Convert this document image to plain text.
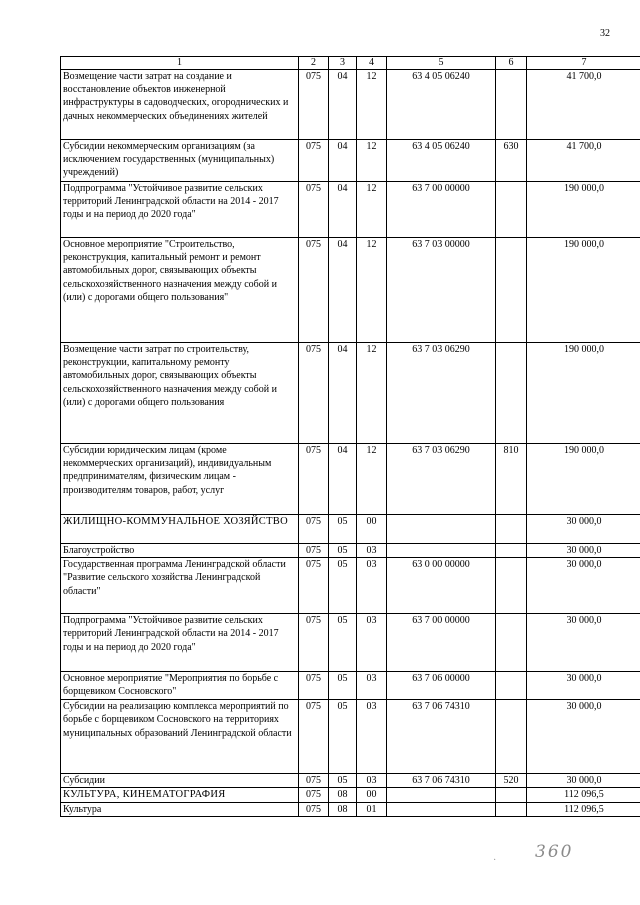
32
1	2	3	4	5	6	7
Возмещение части затрат на создание и восстановление объектов инженерной инфраструктуры в садоводческих, огороднических и дачных некоммерческих объединениях жителей	075	04	12	63 4 05 06240		41 700,0
Субсидии некоммерческим организациям (за исключением государственных (муниципальных) учреждений)	075	04	12	63 4 05 06240	630	41 700,0
Подпрограмма "Устойчивое развитие сельских территорий Ленинградской области на 2014 - 2017 годы и на период до 2020 года"	075	04	12	63 7 00 00000		190 000,0
Основное мероприятие "Строительство, реконструкция, капитальный ремонт и ремонт автомобильных дорог, связывающих объекты сельскохозяйственного назначения между собой и (или) с дорогами общего пользования"	075	04	12	63 7 03 00000		190 000,0
Возмещение части затрат по строительству, реконструкции, капитальному ремонту автомобильных дорог, связывающих объекты сельскохозяйственного назначения между собой и (или) с дорогами общего пользования	075	04	12	63 7 03 06290		190 000,0
Субсидии юридическим лицам (кроме некоммерческих организаций), индивидуальным предпринимателям, физическим лицам - производителям товаров, работ, услуг	075	04	12	63 7 03 06290	810	190 000,0
ЖИЛИЩНО-КОММУНАЛЬНОЕ ХОЗЯЙСТВО	075	05	00			30 000,0
Благоустройство	075	05	03			30 000,0
Государственная программа Ленинградской области "Развитие сельского хозяйства Ленинградской области"	075	05	03	63 0 00 00000		30 000,0
Подпрограмма "Устойчивое развитие сельских территорий Ленинградской области на 2014 - 2017 годы и на период до 2020 года"	075	05	03	63 7 00 00000		30 000,0
Основное мероприятие "Мероприятия по борьбе с борщевиком Сосновского"	075	05	03	63 7 06 00000		30 000,0
Субсидии на реализацию комплекса мероприятий по борьбе с борщевиком Сосновского на территориях муниципальных образований Ленинградской области	075	05	03	63 7 06 74310		30 000,0
Субсидии	075	05	03	63 7 06 74310	520	30 000,0
КУЛЬТУРА, КИНЕМАТОГРАФИЯ	075	08	00			112 096,5
Культура	075	08	01			112 096,5
· 360
